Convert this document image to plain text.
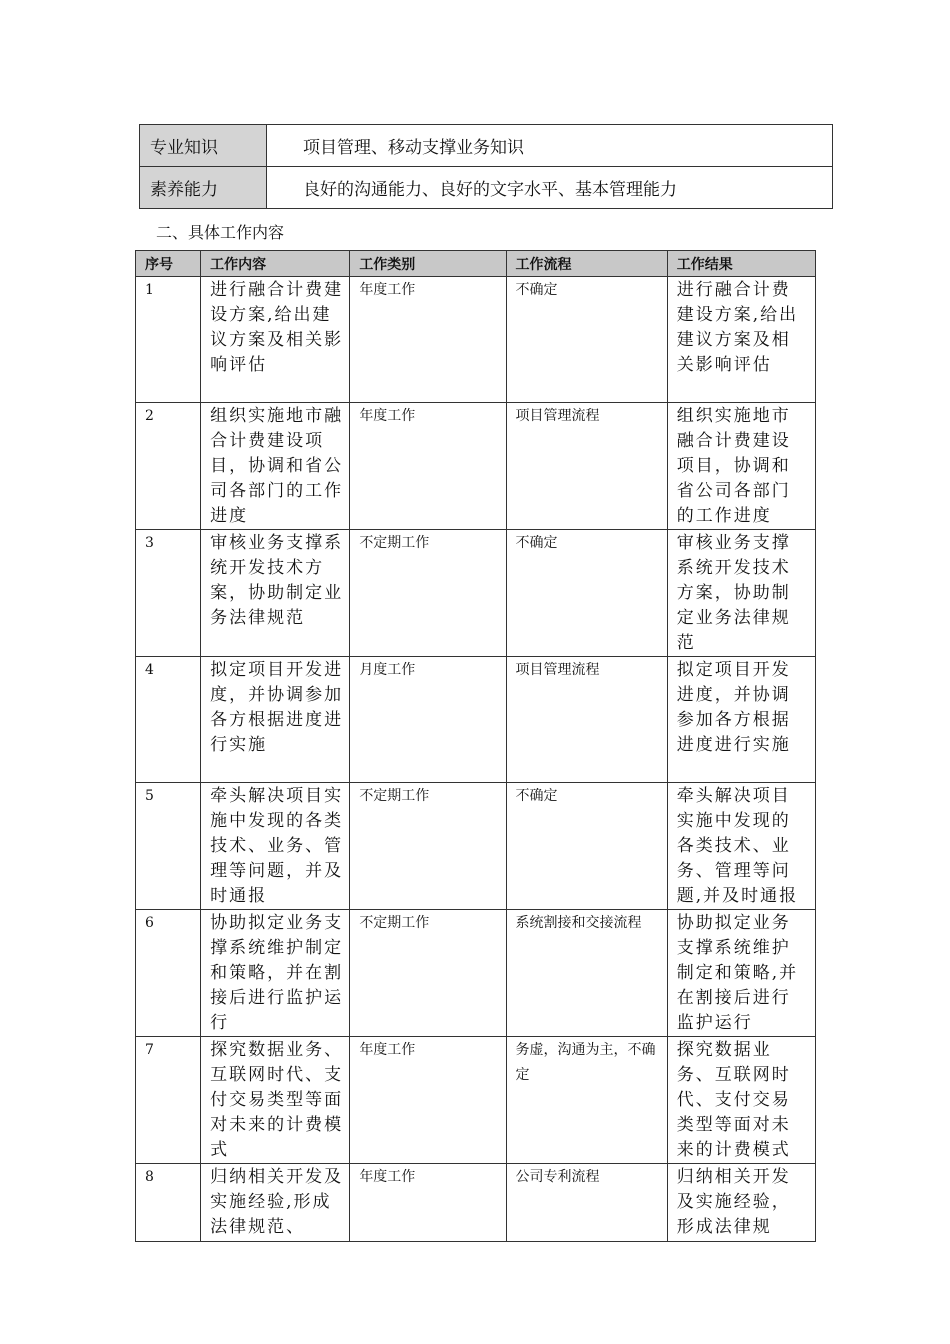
专业知识	项目管理、移动支撑业务知识
素养能力	良好的沟通能力、良好的文字水平、基本管理能力
二、具体工作内容
序号	工作内容	工作类别	工作流程	工作结果
1	进行融合计费建设方案,给出建议方案及相关影响评估	年度工作	不确定	进行融合计费建设方案,给出建议方案及相关影响评估
2	组织实施地市融合计费建设项目，协调和省公司各部门的工作进度	年度工作	项目管理流程	组织实施地市融合计费建设项目，协调和省公司各部门的工作进度
3	审核业务支撑系统开发技术方案，协助制定业务法律规范	不定期工作	不确定	审核业务支撑系统开发技术方案，协助制定业务法律规范
4	拟定项目开发进度，并协调参加各方根据进度进行实施	月度工作	项目管理流程	拟定项目开发进度，并协调参加各方根据进度进行实施
5	牵头解决项目实施中发现的各类技术、业务、管理等问题，并及时通报	不定期工作	不确定	牵头解决项目实施中发现的各类技术、业务、管理等问题,并及时通报
6	协助拟定业务支撑系统维护制定和策略，并在割接后进行监护运行	不定期工作	系统割接和交接流程	协助拟定业务支撑系统维护制定和策略,并在割接后进行监护运行
7	探究数据业务、互联网时代、支付交易类型等面对未来的计费模式	年度工作	务虚，沟通为主，不确定	探究数据业务、互联网时代、支付交易类型等面对未来的计费模式
8	归纳相关开发及实施经验,形成法律规范、	年度工作	公司专利流程	归纳相关开发及实施经验，形成法律规
